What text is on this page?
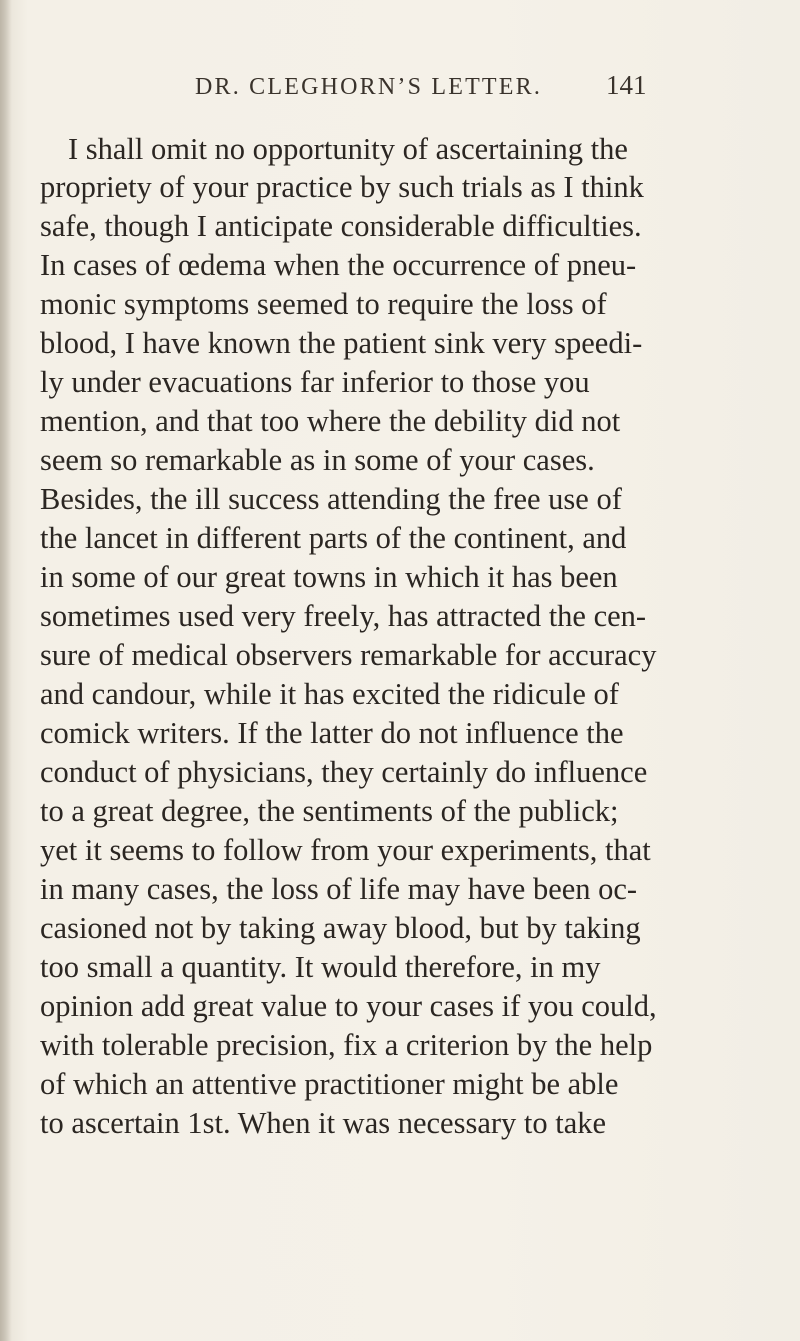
DR. CLEGHORN’S LETTER. 141
I shall omit no opportunity of ascertaining the
propriety of your practice by such trials as I think
safe, though I anticipate considerable difficulties.
In cases of œdema when the occurrence of pneu-
monic symptoms seemed to require the loss of
blood, I have known the patient sink very speedi-
ly under evacuations far inferior to those you
mention, and that too where the debility did not
seem so remarkable as in some of your cases.
Besides, the ill success attending the free use of
the lancet in different parts of the continent, and
in some of our great towns in which it has been
sometimes used very freely, has attracted the cen-
sure of medical observers remarkable for accuracy
and candour, while it has excited the ridicule of
comick writers. If the latter do not influence the
conduct of physicians, they certainly do influence
to a great degree, the sentiments of the publick;
yet it seems to follow from your experiments, that
in many cases, the loss of life may have been oc-
casioned not by taking away blood, but by taking
too small a quantity. It would therefore, in my
opinion add great value to your cases if you could,
with tolerable precision, fix a criterion by the help
of which an attentive practitioner might be able
to ascertain 1st. When it was necessary to take
